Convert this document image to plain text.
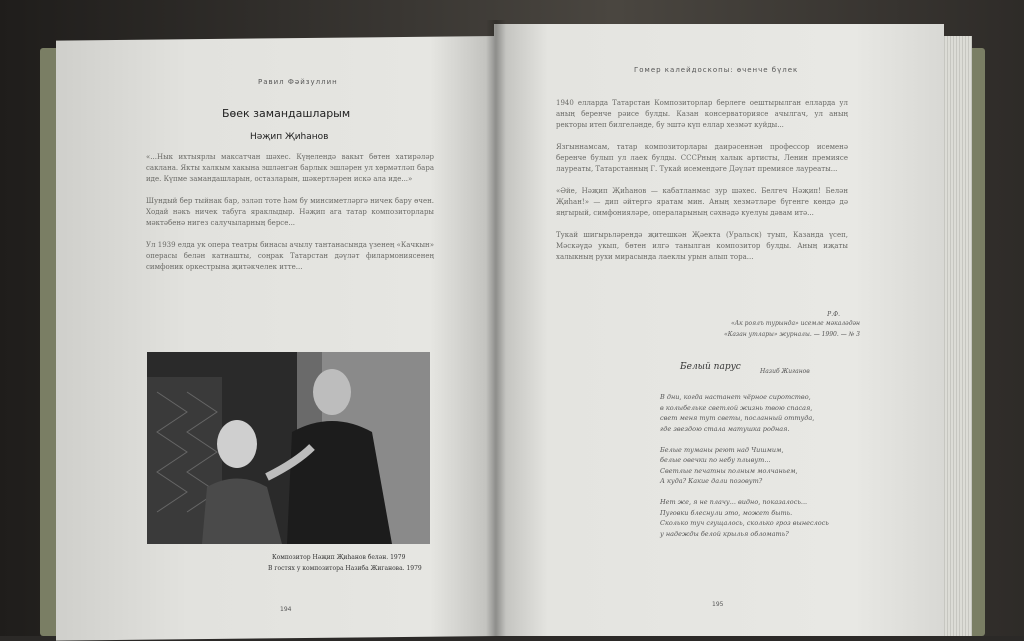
Равил Фәйзуллин
Бөек замандашларым
Нәҗип Җиһанов
«...Нык ихтыярлы максатчан шәхес. Күңелендә вакыт бөтен хатирәләр саклана. Якты халкым хакына эшләнгән барлык эшләрен ул хөрмәтләп бара иде. Күпме замандашларын, остазларын, шәкертләрен искә ала иде...»

Шундый бер тыйнак бар, эзләп тоте һәм бу минсиметләргә ничек бару өчен. Ходай нәкъ ничек табуга яраклыдыр. Нәҗип ага татар композиторлары мәктәбенә нигез салучыларның берсе...

Ул 1939 елда ук опера театры бинасы ачылу тантанасында үзенең «Качкын» операсы белән катнашты, соңрак Татарстан дәүләт филармониясенең симфоник оркестрына җитәкчелек итте...
Композитор Нәҗип Җиһанов белән. 1979
В гостях у композитора Назиба Жиганова. 1979
194
Гомер калейдоскопы: өченче бүлек
1940 елларда Татарстан Композиторлар берлеге оештырылган елларда ул аның беренче рәисе булды. Казан консерваториясе ачылгач, ул аның ректоры итеп билгеләнде, бу эштә күп еллар хезмәт куйды...

Язгыннамсам, татар композиторлары даирәсеннән профессор исеменә беренче булып ул лаек булды. СССРның халык артисты, Ленин премиясе лауреаты, Татарстанның Г. Тукай исемендәге Дәүләт премиясе лауреаты...

«Әйе, Нәҗип Җиһанов — кабатланмас зур шәхес. Белгеч Нәҗип! Белән Җиһан!» — дип әйтергә яратам мин. Аның хезмәтләре бүгенге көндә дә яңгырый, симфонияләре, операларының сәхнәдә куелуы дәвам итә...

Тукай шигырьләрендә җитешкән Җәекта (Уральск) туып, Казанда үсеп, Мәскәүдә укып, бөтен илгә танылган композитор булды. Аның иҗаты халыкның рухи мирасында лаеклы урын алып тора...
Р.Ф.
«Ак роялъ турында» исемле мәкаләдән
«Казан утлары» журналы. — 1990. — № 3
Белый парус	Назиб Жиганов
В дни, когда настанет чёрное сиротство,
в колыбельке светлой жизнь твою спасая,
свет меня тут светы, посланный оттуда,
где звездою стала матушка родная.

Белые туманы реют над Чишмим,
белые овечки по небу плывут...
Светлые печатны полным молчаньем,
А куда? Какие дали позовут?

Нет же, я не плачу... видно, показалось...
Пуговки блеснули это, может быть.
Сколько туч сгущалось, сколько гроз вынеслось
у надежды белой крылья обломать?
195
